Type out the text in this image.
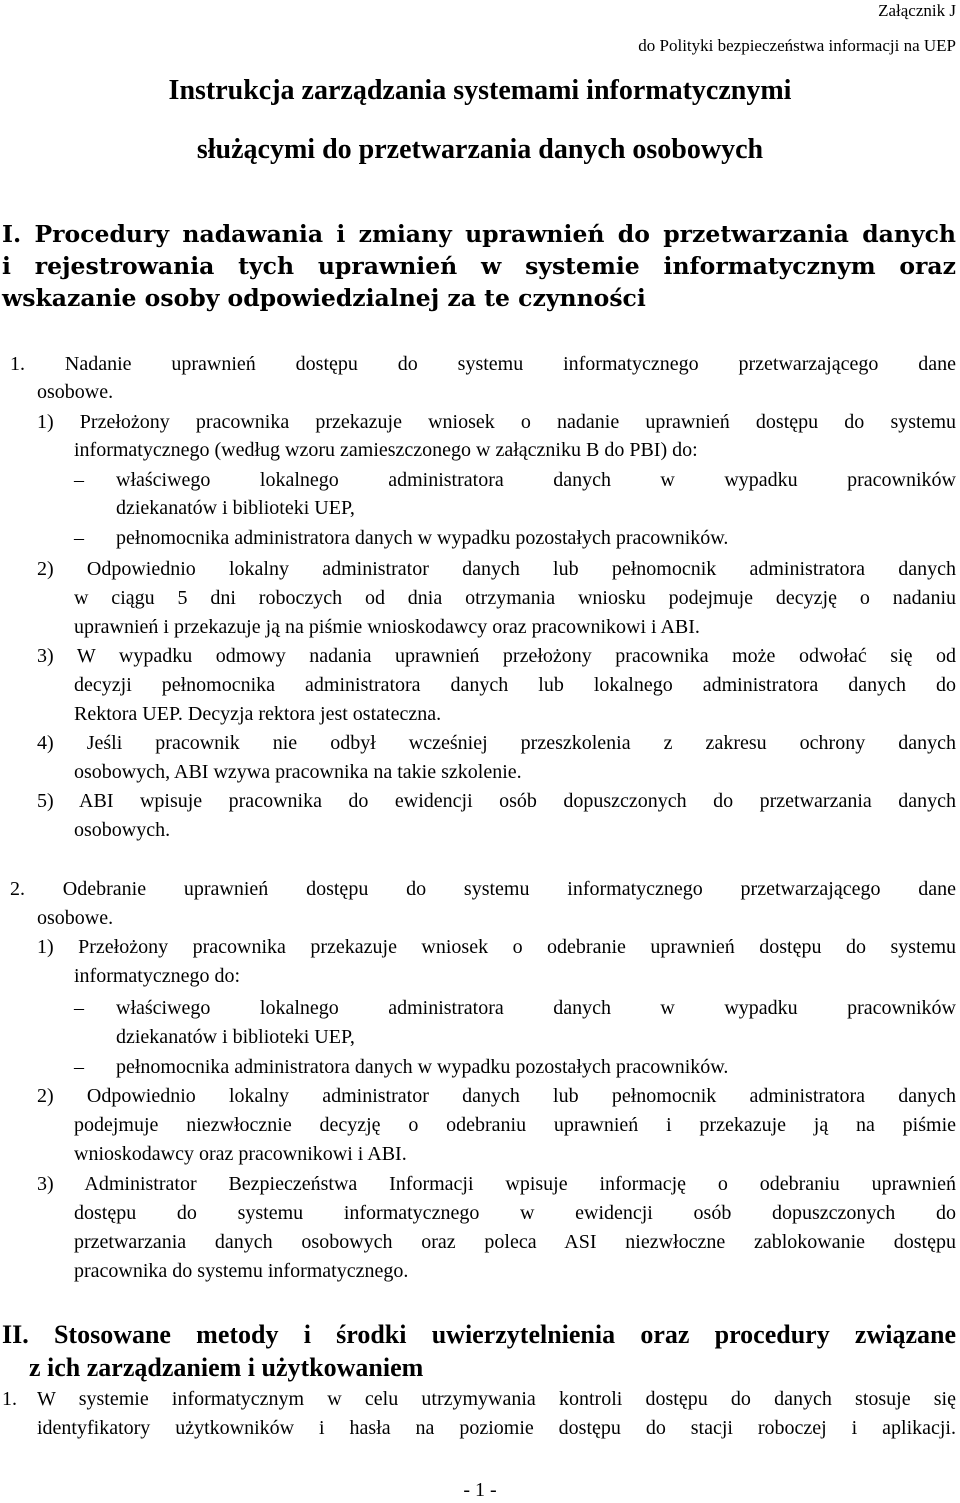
Załącznik J
do Polityki bezpieczeństwa informacji na UEP
Instrukcja zarządzania systemami informatycznymi
służącymi do przetwarzania danych osobowych
I. Procedury nadawania i zmiany uprawnień do przetwarzania danych
i rejestrowania tych uprawnień w systemie informatycznym oraz
wskazanie osoby odpowiedzialnej za te czynności
1. Nadanie uprawnień dostępu do systemu informatycznego przetwarzającego dane
osobowe.
1) Przełożony pracownika przekazuje wniosek o nadanie uprawnień dostępu do systemu
informatycznego (według wzoru zamieszczonego w załączniku B do PBI) do:
– właściwego lokalnego administratora danych w wypadku pracowników
dziekanatów i biblioteki UEP,
– pełnomocnika administratora danych w wypadku pozostałych pracowników.
2) Odpowiednio lokalny administrator danych lub pełnomocnik administratora danych
w ciągu 5 dni roboczych od dnia otrzymania wniosku podejmuje decyzję o nadaniu
uprawnień i przekazuje ją na piśmie wnioskodawcy oraz pracownikowi i ABI.
3) W wypadku odmowy nadania uprawnień przełożony pracownika może odwołać się od
decyzji pełnomocnika administratora danych lub lokalnego administratora danych do
Rektora UEP. Decyzja rektora jest ostateczna.
4) Jeśli pracownik nie odbył wcześniej przeszkolenia z zakresu ochrony danych
osobowych, ABI wzywa pracownika na takie szkolenie.
5) ABI wpisuje pracownika do ewidencji osób dopuszczonych do przetwarzania danych
osobowych.
2. Odebranie uprawnień dostępu do systemu informatycznego przetwarzającego dane
osobowe.
1) Przełożony pracownika przekazuje wniosek o odebranie uprawnień dostępu do systemu
informatycznego do:
– właściwego lokalnego administratora danych w wypadku pracowników
dziekanatów i biblioteki UEP,
– pełnomocnika administratora danych w wypadku pozostałych pracowników.
2) Odpowiednio lokalny administrator danych lub pełnomocnik administratora danych
podejmuje niezwłocznie decyzję o odebraniu uprawnień i przekazuje ją na piśmie
wnioskodawcy oraz pracownikowi i ABI.
3) Administrator Bezpieczeństwa Informacji wpisuje informację o odebraniu uprawnień
dostępu do systemu informatycznego w ewidencji osób dopuszczonych do
przetwarzania danych osobowych oraz poleca ASI niezwłoczne zablokowanie dostępu
pracownika do systemu informatycznego.
II. Stosowane metody i środki uwierzytelnienia oraz procedury związane
z ich zarządzaniem i użytkowaniem
1. W systemie informatycznym w celu utrzymywania kontroli dostępu do danych stosuje się
identyfikatory użytkowników i hasła na poziomie dostępu do stacji roboczej i aplikacji.
- 1 -
